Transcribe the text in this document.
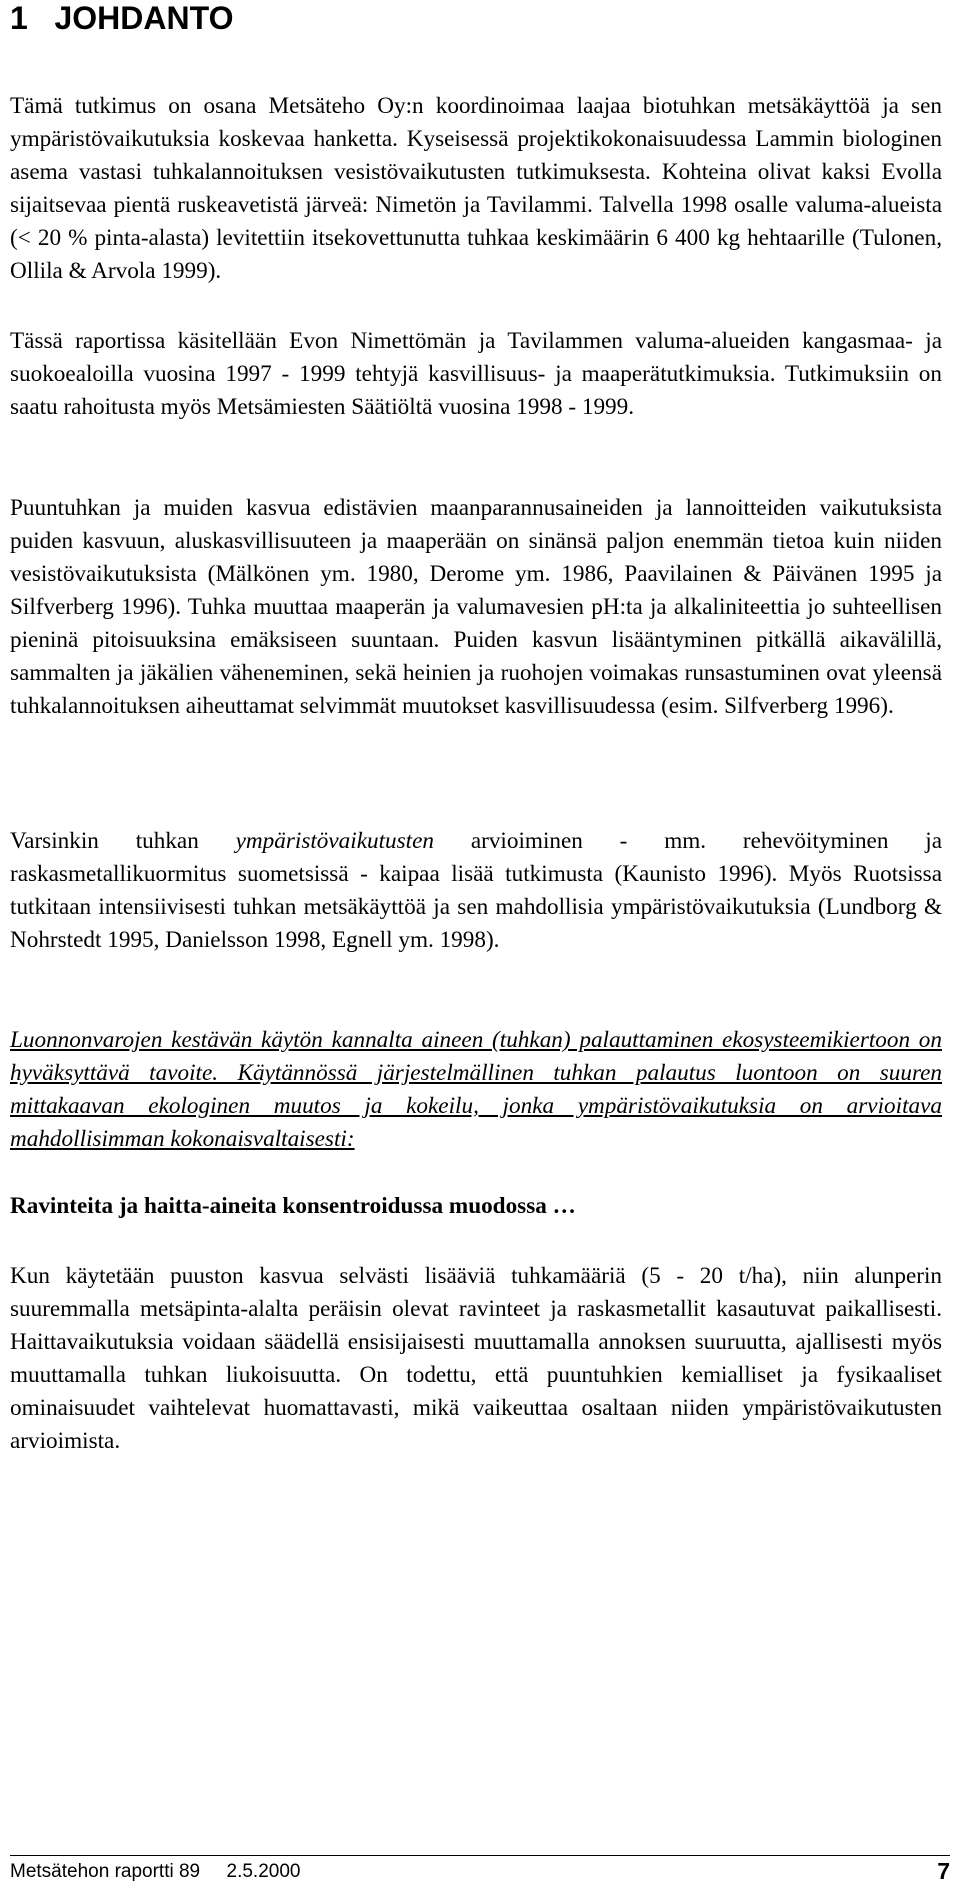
1   JOHDANTO

Tämä tutkimus on osana Metsäteho Oy:n koordinoimaa laajaa biotuhkan metsäkäyttöä ja sen ympäristövaikutuksia koskevaa hanketta. Kyseisessä projektikokonaisuudessa Lammin biologinen asema vastasi tuhkalannoituksen vesistövaikutusten tutkimuksesta. Kohteina olivat kaksi Evolla sijaitsevaa pientä ruskeavetistä järveä: Nimetön ja Tavilammi. Talvella 1998 osalle valuma-alueista (< 20 % pinta-alasta) levitettiin itsekovettunutta tuhkaa keskimäärin 6 400 kg hehtaarille (Tulonen, Ollila & Arvola 1999).

Tässä raportissa käsitellään Evon Nimettömän ja Tavilammen valuma-alueiden kangasmaa- ja suokoealoilla vuosina 1997 - 1999 tehtyjä kasvillisuus- ja maaperätutkimuksia. Tutkimuksiin on saatu rahoitusta myös Metsämiesten Säätiöltä vuosina 1998 - 1999.

Puuntuhkan ja muiden kasvua edistävien maanparannusaineiden ja lannoitteiden vaikutuksista puiden kasvuun, aluskasvillisuuteen ja maaperään on sinänsä paljon enemmän tietoa kuin niiden vesistövaikutuksista (Mälkönen ym. 1980, Derome ym. 1986, Paavilainen & Päivänen 1995 ja Silfverberg 1996). Tuhka muuttaa maaperän ja valumavesien pH:ta ja alkaliniteettia jo suhteellisen pieninä pitoisuuksina emäksiseen suuntaan. Puiden kasvun lisääntyminen pitkällä aikavälillä, sammalten ja jäkälien väheneminen, sekä heinien ja ruohojen voimakas runsastuminen ovat yleensä tuhkalannoituksen aiheuttamat selvimmät muutokset kasvillisuudessa (esim. Silfverberg 1996).

Varsinkin tuhkan ympäristövaikutusten arvioiminen - mm. rehevöityminen ja raskasmetallikuormitus suometsissä - kaipaa lisää tutkimusta (Kaunisto 1996). Myös Ruotsissa tutkitaan intensiivisesti tuhkan metsäkäyttöä ja sen mahdollisia ympäristövaikutuksia (Lundborg & Nohrstedt 1995, Danielsson 1998, Egnell ym. 1998).

Luonnonvarojen kestävän käytön kannalta aineen (tuhkan) palauttaminen ekosysteemikiertoon on hyväksyttävä tavoite. Käytännössä järjestelmällinen tuhkan palautus luontoon on suuren mittakaavan ekologinen muutos ja kokeilu, jonka ympäristövaikutuksia on arvioitava mahdollisimman kokonaisvaltaisesti:

Ravinteita ja haitta-aineita konsentroidussa muodossa …

Kun käytetään puuston kasvua selvästi lisääviä tuhkamääriä (5 - 20 t/ha), niin alunperin suuremmalla metsäpinta-alalta peräisin olevat ravinteet ja raskasmetallit kasautuvat paikallisesti. Haittavaikutuksia voidaan säädellä ensisijaisesti muuttamalla annoksen suuruutta, ajallisesti myös muuttamalla tuhkan liukoisuutta. On todettu, että puuntuhkien kemialliset ja fysikaaliset ominaisuudet vaihtelevat huomattavasti, mikä vaikeuttaa osaltaan niiden ympäristövaikutusten arvioimista.

Metsätehon raportti 89     2.5.2000	7
